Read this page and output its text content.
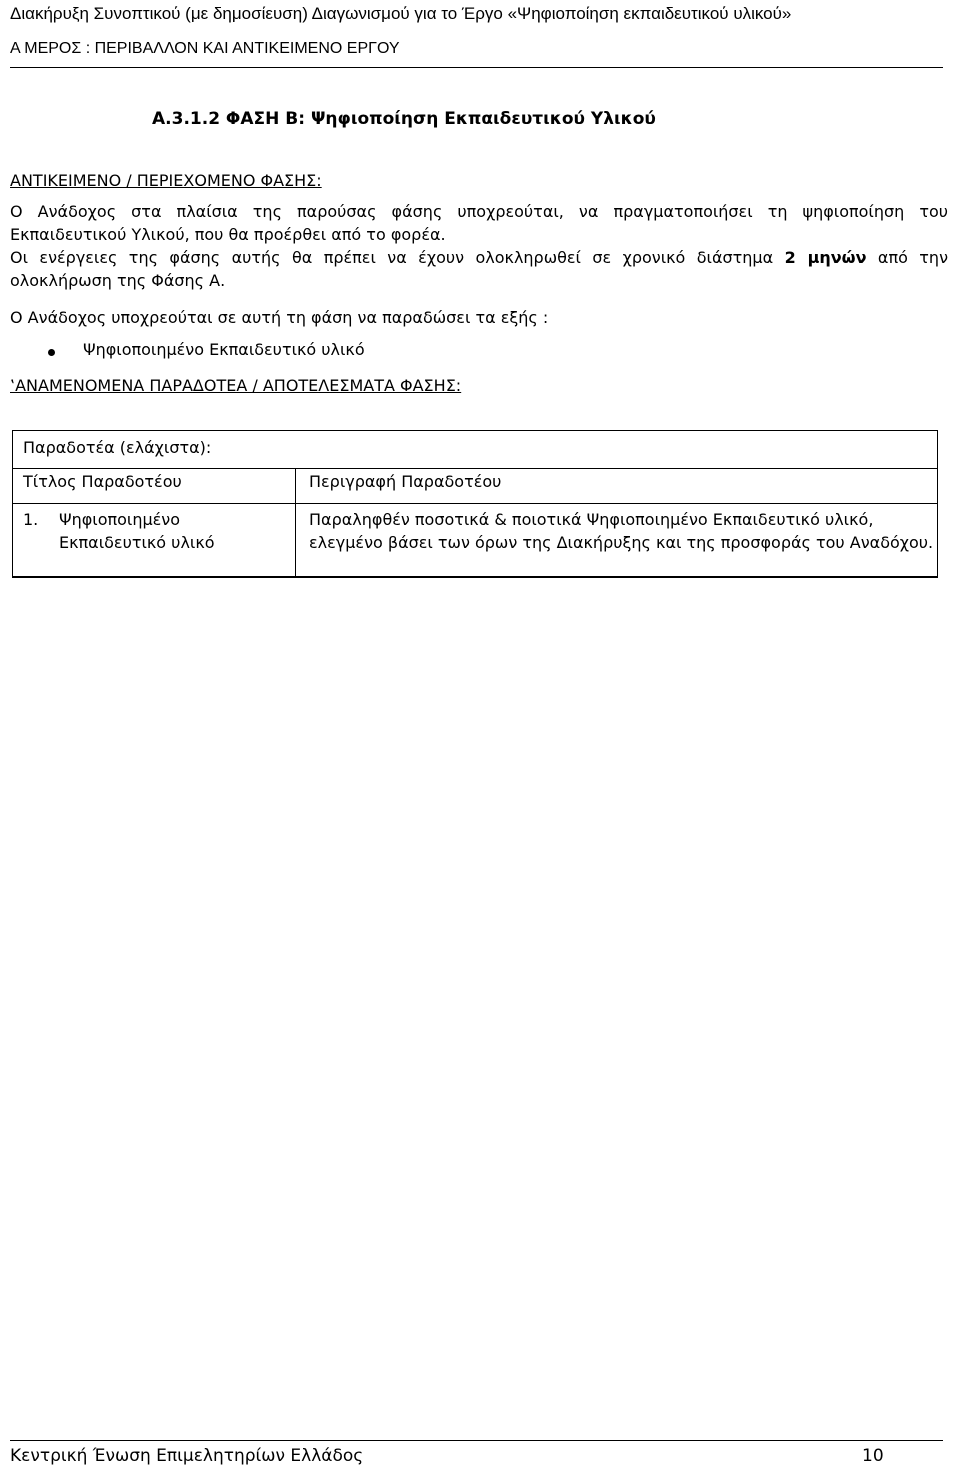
Διακήρυξη Συνοπτικού (με δημοσίευση) Διαγωνισμού για το Έργο «Ψηφιοποίηση εκπαιδευτικού υλικού»
Α ΜΕΡΟΣ : ΠΕΡΙΒΑΛΛΟΝ ΚΑΙ ΑΝΤΙΚΕΙΜΕΝΟ ΕΡΓΟΥ
Α.3.1.2 ΦΑΣΗ Β: Ψηφιοποίηση Εκπαιδευτικού Υλικού
ΑΝΤΙΚΕΙΜΕΝΟ / ΠΕΡΙΕΧΟΜΕΝΟ ΦΑΣΗΣ:
Ο Ανάδοχος στα πλαίσια της παρούσας φάσης υποχρεούται, να πραγματοποιήσει τη ψηφιοποίηση του Εκπαιδευτικού Υλικού, που θα προέρθει από το φορέα.
Οι ενέργειες της φάσης αυτής θα πρέπει να έχουν ολοκληρωθεί σε χρονικό διάστημα 2 μηνών από την ολοκλήρωση της Φάσης Α.
Ο Ανάδοχος υποχρεούται σε αυτή τη φάση να παραδώσει τα εξής :
Ψηφιοποιημένο Εκπαιδευτικό υλικό
‛ΑΝΑΜΕΝΟΜΕΝΑ ΠΑΡΑΔΟΤΕΑ / ΑΠΟΤΕΛΕΣΜΑΤΑ ΦΑΣΗΣ:
Παραδοτέα (ελάχιστα):
Τίτλος Παραδοτέου	Περιγραφή Παραδοτέου
1. Ψηφιοποιημένο Εκπαιδευτικό υλικό
Παραληφθέν ποσοτικά & ποιοτικά Ψηφιοποιημένο Εκπαιδευτικό υλικό, ελεγμένο βάσει των όρων της Διακήρυξης και της προσφοράς του Αναδόχου.
Κεντρική Ένωση Επιμελητηρίων Ελλάδος	10
